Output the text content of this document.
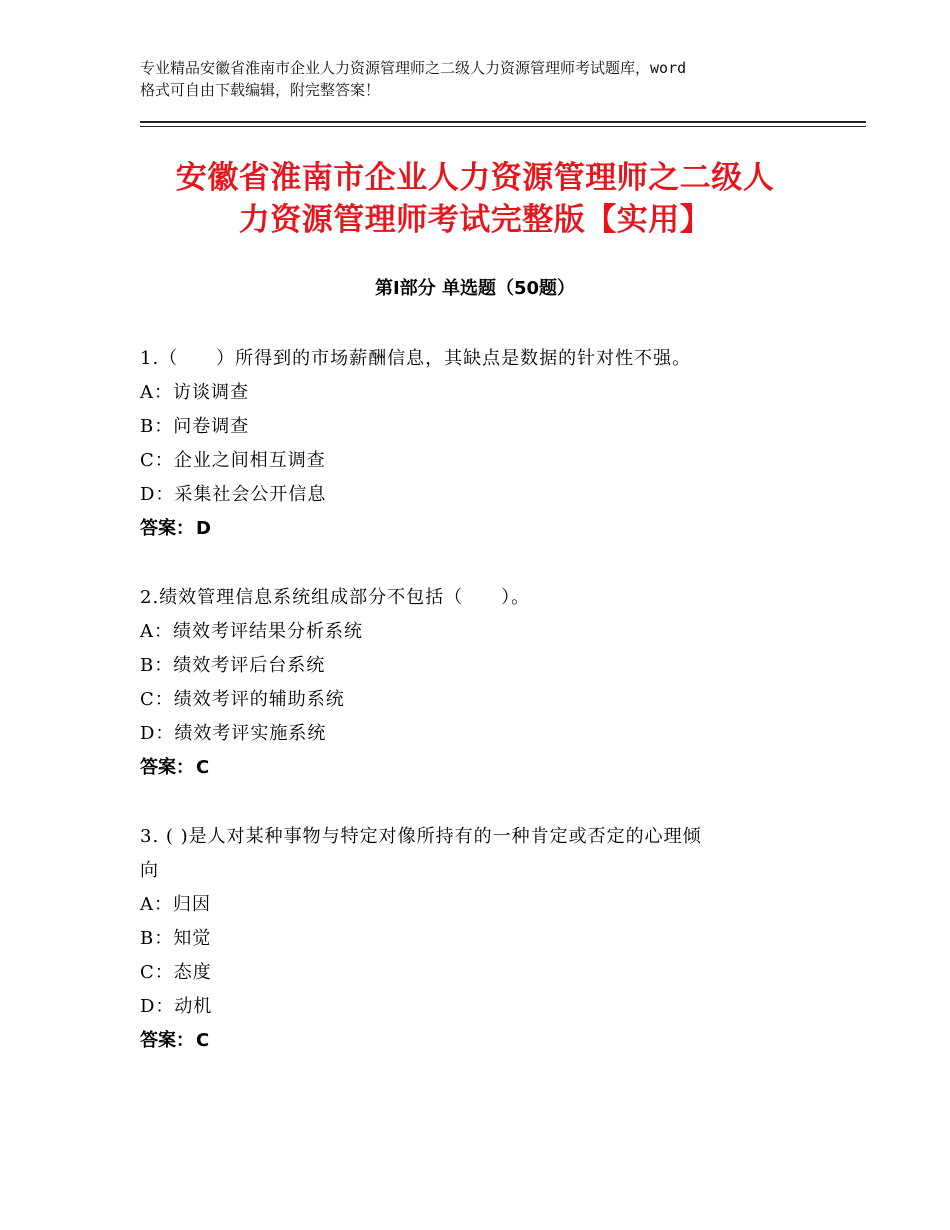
专业精品安徽省淮南市企业人力资源管理师之二级人力资源管理师考试题库，word
格式可自由下载编辑，附完整答案！
安徽省淮南市企业人力资源管理师之二级人
力资源管理师考试完整版【实用】
第Ⅰ部分 单选题（50题）
1.（　　）所得到的市场薪酬信息，其缺点是数据的针对性不强。
A：访谈调查
B：问卷调查
C：企业之间相互调查
D：采集社会公开信息
答案： D
2.绩效管理信息系统组成部分不包括（　　）。
A：绩效考评结果分析系统
B：绩效考评后台系统
C：绩效考评的辅助系统
D：绩效考评实施系统
答案： C
3. ( )是人对某种事物与特定对像所持有的一种肯定或否定的心理倾
向
A：归因
B：知觉
C：态度
D：动机
答案： C
